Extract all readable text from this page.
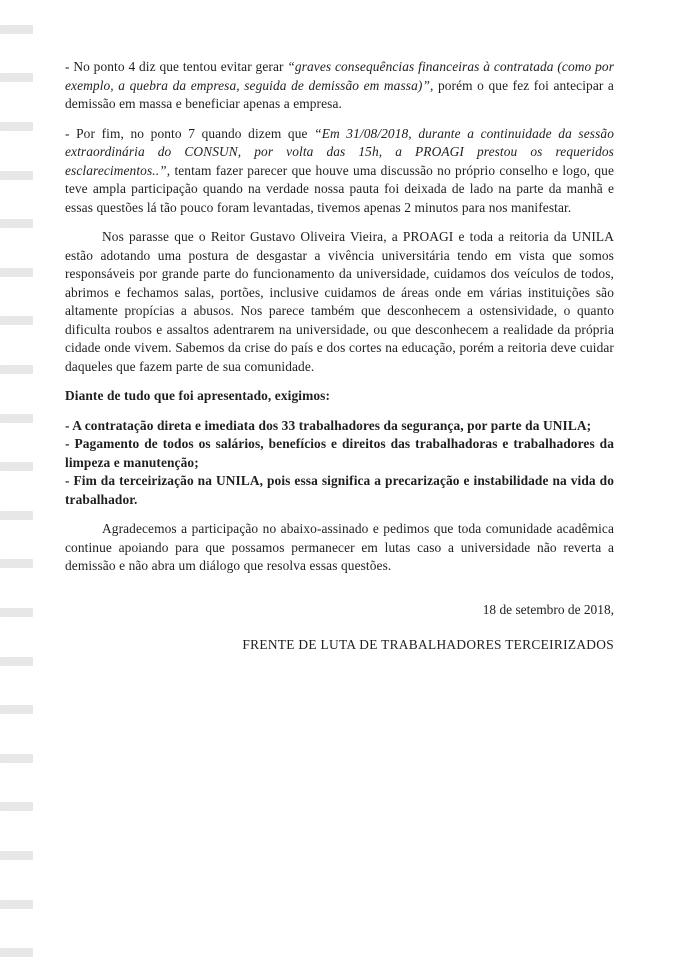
- No ponto 4 diz que tentou evitar gerar “graves consequências financeiras à contratada (como por exemplo, a quebra da empresa, seguida de demissão em massa)”, porém o que fez foi antecipar a demissão em massa e beneficiar apenas a empresa.

- Por fim, no ponto 7 quando dizem que “Em 31/08/2018, durante a continuidade da sessão extraordinária do CONSUN, por volta das 15h, a PROAGI prestou os requeridos esclarecimentos..”, tentam fazer parecer que houve uma discussão no próprio conselho e logo, que teve ampla participação quando na verdade nossa pauta foi deixada de lado na parte da manhã e essas questões lá tão pouco foram levantadas, tivemos apenas 2 minutos para nos manifestar.

Nos parasse que o Reitor Gustavo Oliveira Vieira, a PROAGI e toda a reitoria da UNILA estão adotando uma postura de desgastar a vivência universitária tendo em vista que somos responsáveis por grande parte do funcionamento da universidade, cuidamos dos veículos de todos, abrimos e fechamos salas, portões, inclusive cuidamos de áreas onde em várias instituições são altamente propícias a abusos. Nos parece também que desconhecem a ostensividade, o quanto dificulta roubos e assaltos adentrarem na universidade, ou que desconhecem a realidade da própria cidade onde vivem. Sabemos da crise do país e dos cortes na educação, porém a reitoria deve cuidar daqueles que fazem parte de sua comunidade.

Diante de tudo que foi apresentado, exigimos:

- A contratação direta e imediata dos 33 trabalhadores da segurança, por parte da UNILA;

- Pagamento de todos os salários, benefícios e direitos das trabalhadoras e trabalhadores da limpeza e manutenção;

- Fim da terceirização na UNILA, pois essa significa a precarização e instabilidade na vida do trabalhador.

Agradecemos a participação no abaixo-assinado e pedimos que toda comunidade acadêmica continue apoiando para que possamos permanecer em lutas caso a universidade não reverta a demissão e não abra um diálogo que resolva essas questões.

18 de setembro de 2018,
FRENTE DE LUTA DE TRABALHADORES TERCEIRIZADOS
